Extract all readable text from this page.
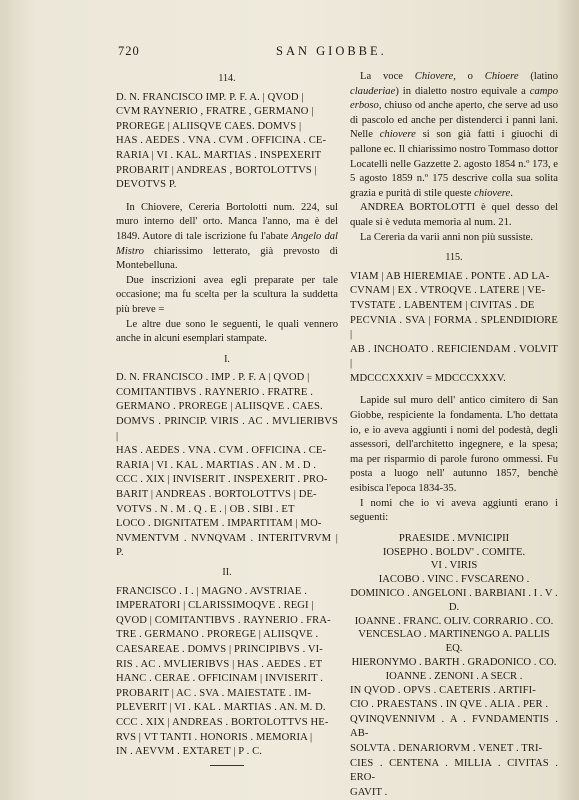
720	SAN GIOBBE.
114.

D. N. FRANCISCO IMP. P. F. A. | QVOD |

CVM RAYNERIO , FRATRE , GERMANO |

PROREGE | ALIISQVE CAES. DOMVS |

HAS . AEDES . VNA . CVM . OFFICINA . CE-

RARIA | VI . KAL. MARTIAS . INSPEXERIT

PROBARIT | ANDREAS , BORTOLOTTVS |

DEVOTVS P.

In Chiovere, Cereria Bortolotti num. 224, sul muro interno dell' orto. Manca l'anno, ma è del 1849. Autore di tale iscrizione fu l'abate Angelo dal Mistro chiarissimo letterato, già prevosto di Montebelluna.

Due inscrizioni avea egli preparate per tale occasione; ma fu scelta per la scultura la suddetta più breve =

Le altre due sono le seguenti, le quali vennero anche in alcuni esemplari stampate.

I.

D. N. FRANCISCO . IMP . P. F. A | QVOD |

COMITANTIBVS . RAYNERIO . FRATRE .

GERMANO . PROREGE | ALIISQVE . CAES.

DOMVS . PRINCIP. VIRIS . AC . MVLIERIBVS |

HAS . AEDES . VNA . CVM . OFFICINA . CE-

RARIA | VI . KAL . MARTIAS . AN . M . D .

CCC . XIX | INVISERIT . INSPEXERIT . PRO-

BARIT | ANDREAS . BORTOLOTTVS | DE-

VOTVS . N . M . Q . E . | OB . SIBI . ET

LOCO . DIGNITATEM . IMPARTITAM | MO-

NVMENTVM . NVNQVAM . INTERITVRVM | P.

II.

FRANCISCO . I . | MAGNO . AVSTRIAE .

IMPERATORI | CLARISSIMOQVE . REGI |

QVOD | COMITANTIBVS . RAYNERIO . FRA-

TRE . GERMANO . PROREGE | ALIISQVE .

CAESAREAE . DOMVS | PRINCIPIBVS . VI-

RIS . AC . MVLIERIBVS | HAS . AEDES . ET

HANC . CERAE . OFFICINAM | INVISERIT .

PROBARIT | AC . SVA . MAIESTATE . IM-

PLEVERIT | VI . KAL . MARTIAS . AN. M. D.

CCC . XIX | ANDREAS . BORTOLOTTVS HE-

RVS | VT TANTI . HONORIS . MEMORIA |

IN . AEVVM . EXTARET | P . C.

La voce Chiovere, o Chioere (latino clauderiae) in dialetto nostro equivale a campo erboso, chiuso od anche aperto, che serve ad uso di pascolo ed anche per distenderci i panni lani. Nelle chiovere si son già fatti i giuochi di pallone ec. Il chiarissimo nostro Tommaso dottor Locatelli nelle Gazzette 2. agosto 1854 n.º 173, e 5 agosto 1859 n.º 175 descrive colla sua solita grazia e purità di stile queste chiovere.

ANDREA BORTOLOTTI è quel desso del quale si è veduta memoria al num. 21.

La Cereria da varii anni non più sussiste.

115.

VIAM | AB HIEREMIAE . PONTE . AD LA-

CVNAM | EX . VTROQVE . LATERE | VE-

TVSTATE . LABENTEM | CIVITAS . DE

PECVNIA . SVA | FORMA . SPLENDIDIORE |

AB . INCHOATO . REFICIENDAM . VOLVIT |

MDCCCXXXIV = MDCCCXXXV.

Lapide sul muro dell' antico cimitero di San Giobbe, respiciente la fondamenta. L'ho dettata io, e io aveva aggiunti i nomi del podestà, degli assessori, dell'architetto ingegnere, e la spesa; ma per risparmio di parole furono ommessi. Fu posta a luogo nell' autunno 1857, benchè esibisca l'epoca 1834-35.

I nomi che io vi aveva aggiunti erano i seguenti:

PRAESIDE . MVNICIPII

IOSEPHO . BOLDV' . COMITE.

VI . VIRIS

IACOBO . VINC . FVSCARENO .

DOMINICO . ANGELONI . BARBIANI . I . V . D.

IOANNE . FRANC. OLIV. CORRARIO . CO.

VENCESLAO . MARTINENGO A. PALLIS EQ.

HIERONYMO . BARTH . GRADONICO . CO.

IOANNE . ZENONI . A SECR .

IN QVOD . OPVS . CAETERIS . ARTIFI-

CIO . PRAESTANS . IN QVE . ALIA . PER .

QVINQVENNIVM . A . FVNDAMENTIS . AB-

SOLVTA . DENARIORVM . VENET . TRI-

CIES . CENTENA . MILLIA . CIVITAS . ERO-

GAVIT .
